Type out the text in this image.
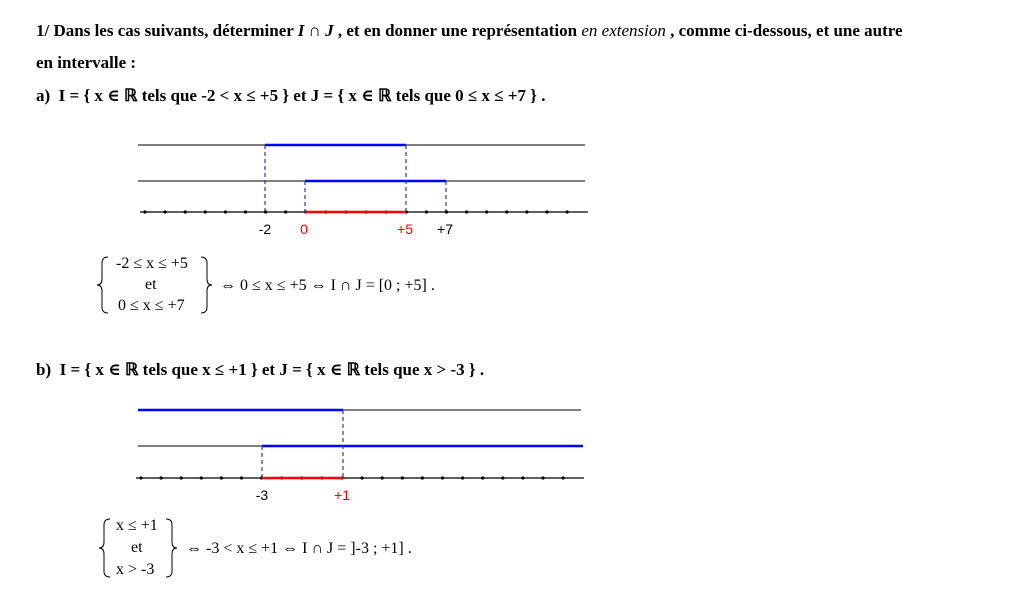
1/ Dans les cas suivants, déterminer I ∩ J , et en donner une représentation en extension , comme ci-dessous, et une autre
en intervalle :
a) I = { x ∈ ℝ tels que -2 < x ≤ +5 } et J = { x ∈ ℝ tels que 0 ≤ x ≤ +7 } .
-2 0	+5 +7
-3	+1
-2 ≤ x ≤ +5
et
0 ≤ x ≤ +7
⇔ 0 ≤ x ≤ +5 ⇔ I ∩ J = [0 ; +5] .
b) I = { x ∈ ℝ tels que x ≤ +1 } et J = { x ∈ ℝ tels que x > -3 } .
x ≤ +1
et
x > -3
⇔ -3 < x ≤ +1 ⇔ I ∩ J = ]-3 ; +1] .
